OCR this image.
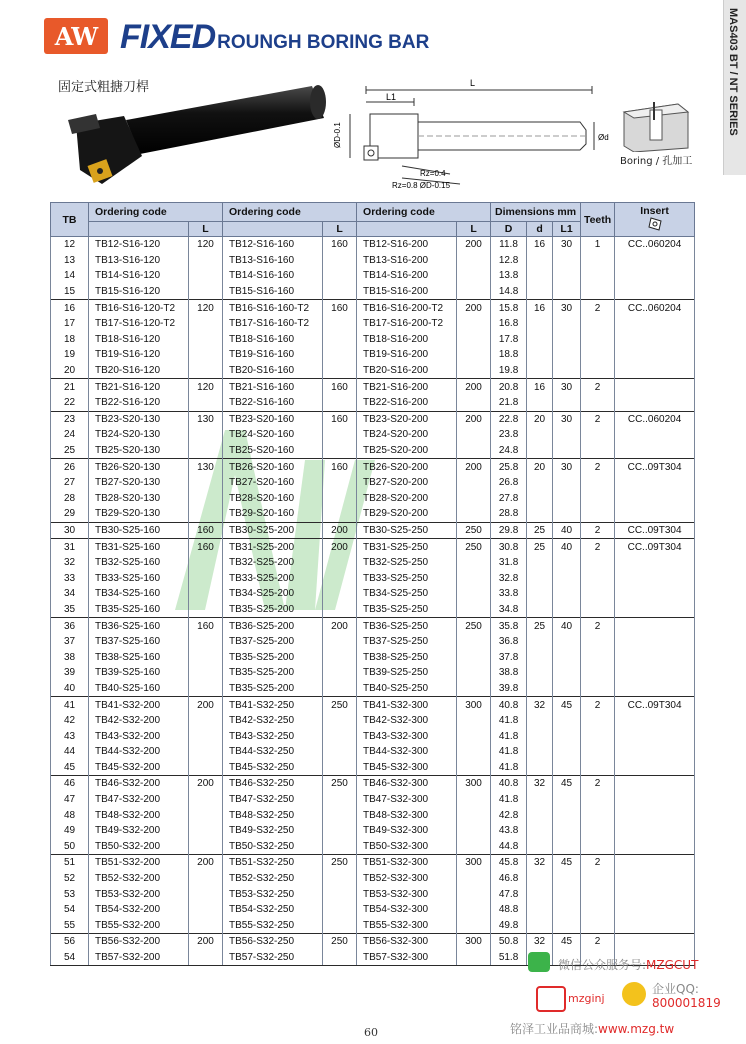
AW FIXED ROUNGH BORING BAR
固定式粗搪刀桿	MAS403 BT / NT SERIES
L
L1
ØD-0.1	Ød
Rz=0.4
Rz=0.8 ØD-0.15
Boring / 孔加工
TB	Ordering code		Ordering code		Ordering code		Dimensions mm			Teeth	Insert

		L		L		L	D	d	L1		
12	TB12-S16-120	120	TB12-S16-160	160	TB12-S16-200	200	11.8	16	30	1	CC..060204
13	TB13-S16-120		TB13-S16-160		TB13-S16-200		12.8				
14	TB14-S16-120		TB14-S16-160		TB14-S16-200		13.8				
15	TB15-S16-120		TB15-S16-160		TB15-S16-200		14.8				
16	TB16-S16-120-T2	120	TB16-S16-160-T2	160	TB16-S16-200-T2	200	15.8	16	30	2	CC..060204
17	TB17-S16-120-T2		TB17-S16-160-T2		TB17-S16-200-T2		16.8				
18	TB18-S16-120		TB18-S16-160		TB18-S16-200		17.8				
19	TB19-S16-120		TB19-S16-160		TB19-S16-200		18.8				
20	TB20-S16-120		TB20-S16-160		TB20-S16-200		19.8				
21	TB21-S16-120	120	TB21-S16-160	160	TB21-S16-200	200	20.8	16	30	2	
22	TB22-S16-120		TB22-S16-160		TB22-S16-200		21.8				
23	TB23-S20-130	130	TB23-S20-160	160	TB23-S20-200	200	22.8	20	30	2	CC..060204
24	TB24-S20-130		TB24-S20-160		TB24-S20-200		23.8				
25	TB25-S20-130		TB25-S20-160		TB25-S20-200		24.8				
26	TB26-S20-130	130	TB26-S20-160	160	TB26-S20-200	200	25.8	20	30	2	CC..09T304
27	TB27-S20-130		TB27-S20-160		TB27-S20-200		26.8				
28	TB28-S20-130		TB28-S20-160		TB28-S20-200		27.8				
29	TB29-S20-130		TB29-S20-160		TB29-S20-200		28.8				
30	TB30-S25-160	160	TB30-S25-200	200	TB30-S25-250	250	29.8	25	40	2	CC..09T304
31	TB31-S25-160	160	TB31-S25-200	200	TB31-S25-250	250	30.8	25	40	2	CC..09T304
32	TB32-S25-160		TB32-S25-200		TB32-S25-250		31.8				
33	TB33-S25-160		TB33-S25-200		TB33-S25-250		32.8				
34	TB34-S25-160		TB34-S25-200		TB34-S25-250		33.8				
35	TB35-S25-160		TB35-S25-200		TB35-S25-250		34.8				
36	TB36-S25-160	160	TB36-S25-200	200	TB36-S25-250	250	35.8	25	40	2	
37	TB37-S25-160		TB37-S25-200		TB37-S25-250		36.8				
38	TB38-S25-160		TB35-S25-200		TB38-S25-250		37.8				
39	TB39-S25-160		TB35-S25-200		TB39-S25-250		38.8				
40	TB40-S25-160		TB35-S25-200		TB40-S25-250		39.8				
41	TB41-S32-200	200	TB41-S32-250	250	TB41-S32-300	300	40.8	32	45	2	CC..09T304
42	TB42-S32-200		TB42-S32-250		TB42-S32-300		41.8				
43	TB43-S32-200		TB43-S32-250		TB43-S32-300		41.8				
44	TB44-S32-200		TB44-S32-250		TB44-S32-300		41.8				
45	TB45-S32-200		TB45-S32-250		TB45-S32-300		41.8				
46	TB46-S32-200	200	TB46-S32-250	250	TB46-S32-300	300	40.8	32	45	2	
47	TB47-S32-200		TB47-S32-250		TB47-S32-300		41.8				
48	TB48-S32-200		TB48-S32-250		TB48-S32-300		42.8				
49	TB49-S32-200		TB49-S32-250		TB49-S32-300		43.8				
50	TB50-S32-200		TB50-S32-250		TB50-S32-300		44.8				
51	TB51-S32-200	200	TB51-S32-250	250	TB51-S32-300	300	45.8	32	45	2	
52	TB52-S32-200		TB52-S32-250		TB52-S32-300		46.8				
53	TB53-S32-200		TB53-S32-250		TB53-S32-300		47.8				
54	TB54-S32-200		TB54-S32-250		TB54-S32-300		48.8				
55	TB55-S32-200		TB55-S32-250		TB55-S32-300		49.8				
56	TB56-S32-200	200	TB56-S32-250	250	TB56-S32-300	300	50.8	32	45	2	
54	TB57-S32-200		TB57-S32-250		TB57-S32-300		51.8				
60
微信公众服务号:MZGCUT
mzginj
企业QQ:
800001819
铭泽工业品商城:www.mzg.tw
